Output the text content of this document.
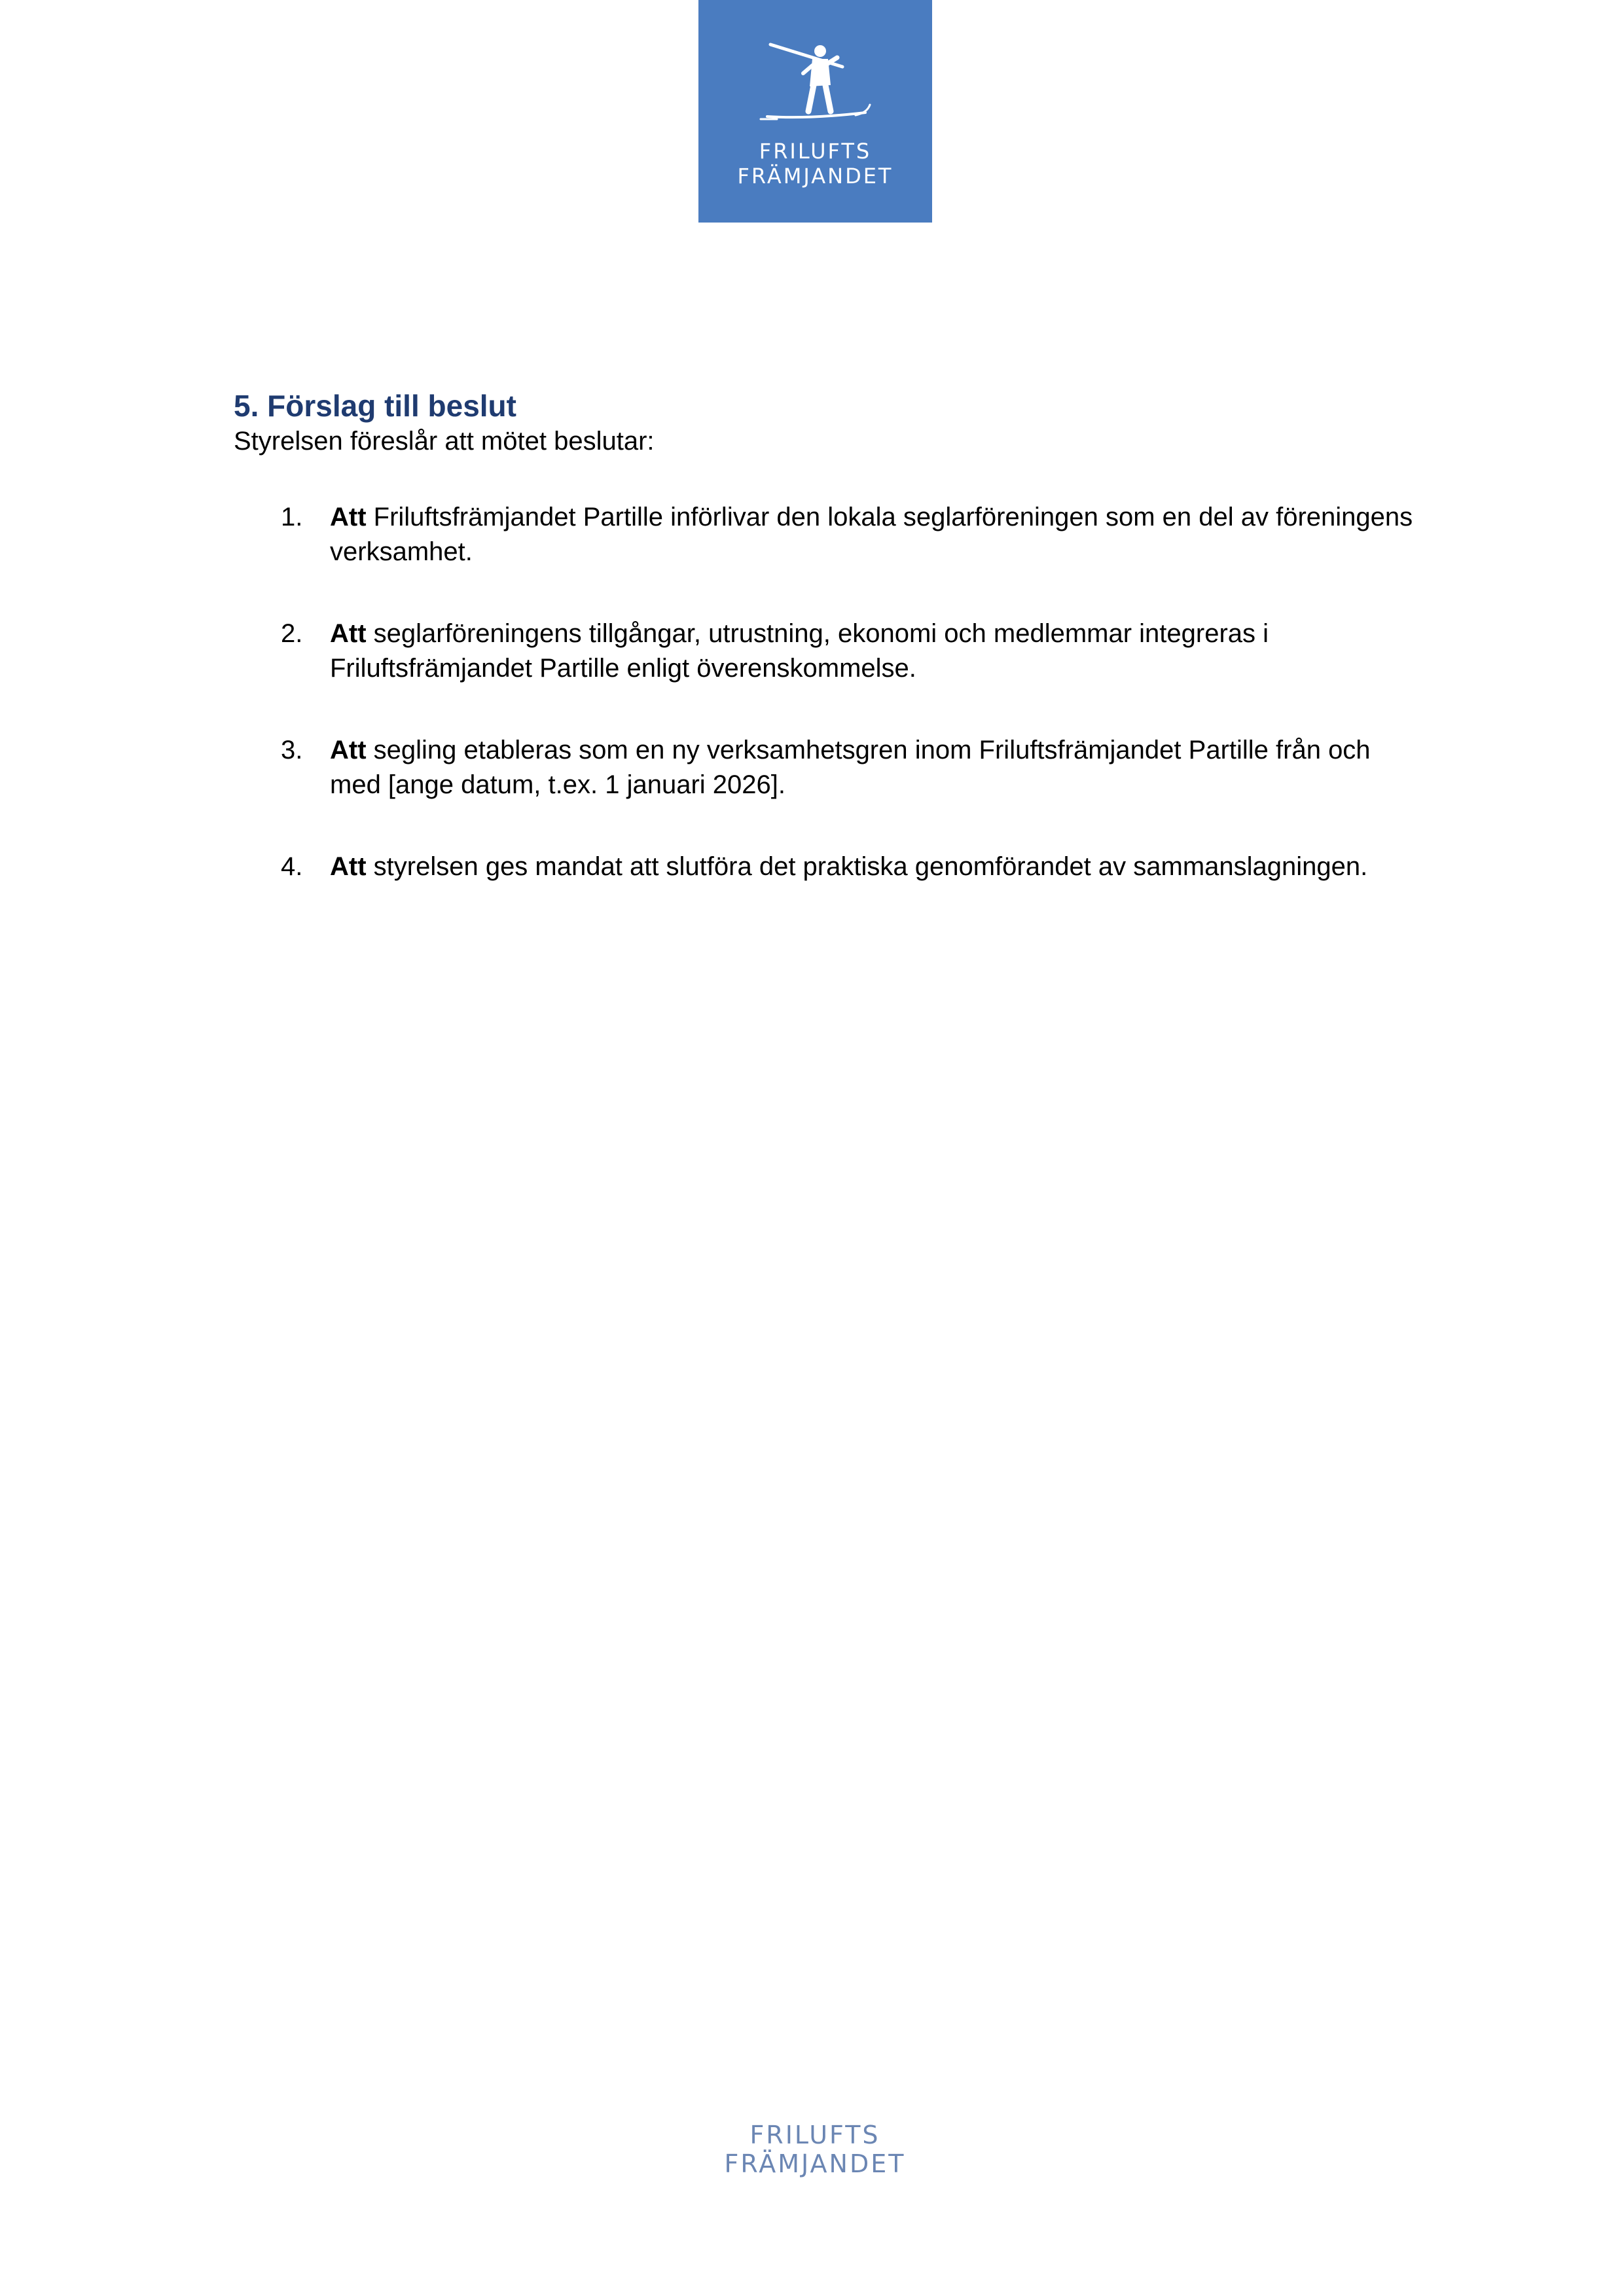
FRILUFTS
FRÄMJANDET
5. Förslag till beslut

Styrelsen föreslår att mötet beslutar:

1. Att Friluftsfrämjandet Partille införlivar den lokala seglarföreningen som en del av föreningens verksamhet.
2. Att seglarföreningens tillgångar, utrustning, ekonomi och medlemmar integreras i Friluftsfrämjandet Partille enligt överenskommelse.
3. Att segling etableras som en ny verksamhetsgren inom Friluftsfrämjandet Partille från och med [ange datum, t.ex. 1 januari 2026].
4. Att styrelsen ges mandat att slutföra det praktiska genomförandet av sammanslagningen.
FRILUFTS
FRÄMJANDET
